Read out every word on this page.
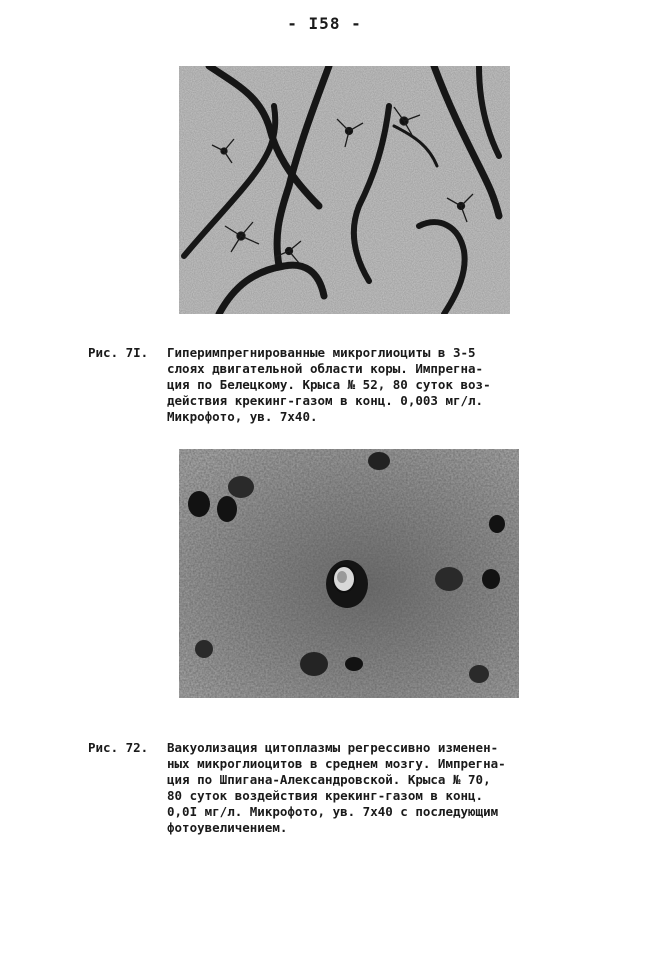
- I58 -
Рис. 7I.	Гиперимпрегнированные микроглиоциты в 3-5
слоях двигательной области коры. Импрегна-
ция по Белецкому. Крыса № 52, 80 суток воз-
действия крекинг-газом в конц. 0,003 мг/л.
Микрофото, ув. 7х40.
Рис. 72.	Вакуолизация цитоплазмы регрессивно изменен-
ных микроглиоцитов в среднем мозгу. Импрегна-
ция по Шпигана-Александровской. Крыса № 70,
80 суток воздействия крекинг-газом в конц.
0,0I мг/л. Микрофото, ув. 7х40 с последующим
фотоувеличением.
